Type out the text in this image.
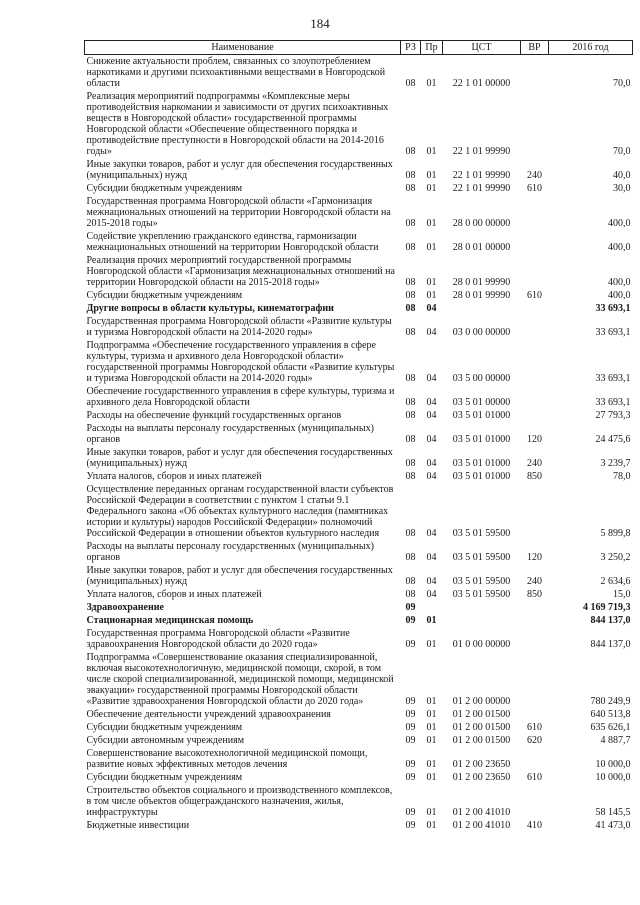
184
Наименование	РЗ	Пр	ЦСТ	ВР	2016 год
Снижение актуальности проблем, связанных со злоупотреблением наркотиками и другими психоактивными веществами в Новгородской области	08	01	22 1 01 00000		70,0
Реализация мероприятий подпрограммы «Комплексные меры противодействия наркомании и зависимости от других психоактивных веществ в Новгородской области» государственной программы Новгородской области «Обеспечение общественного порядка и противодействие преступности в Новгородской области на 2014-2016 годы»	08	01	22 1 01 99990		70,0
Иные закупки товаров, работ и услуг для обеспечения государственных (муниципальных) нужд	08	01	22 1 01 99990	240	40,0
Субсидии бюджетным учреждениям	08	01	22 1 01 99990	610	30,0
Государственная программа Новгородской области «Гармонизация межнациональных отношений на территории Новгородской области на 2015-2018 годы»	08	01	28 0 00 00000		400,0
Содействие укреплению гражданского единства, гармонизации межнациональных отношений на территории Новгородской области	08	01	28 0 01 00000		400,0
Реализация прочих мероприятий государственной программы Новгородской области «Гармонизация межнациональных отношений на территории Новгородской области на 2015-2018 годы»	08	01	28 0 01 99990		400,0
Субсидии бюджетным учреждениям	08	01	28 0 01 99990	610	400,0
Другие вопросы в области культуры, кинематографии	08	04			33 693,1
Государственная программа Новгородской области «Развитие культуры и туризма Новгородской области на 2014-2020 годы»	08	04	03 0 00 00000		33 693,1
Подпрограмма «Обеспечение государственного управления в сфере культуры, туризма и архивного дела Новгородской области» государственной программы Новгородской области «Развитие культуры и туризма Новгородской области на 2014-2020 годы»	08	04	03 5 00 00000		33 693,1
Обеспечение государственного управления в сфере культуры, туризма и архивного дела Новгородской области	08	04	03 5 01 00000		33 693,1
Расходы на обеспечение функций государственных органов	08	04	03 5 01 01000		27 793,3
Расходы на выплаты персоналу государственных (муниципальных) органов	08	04	03 5 01 01000	120	24 475,6
Иные закупки товаров, работ и услуг для обеспечения государственных (муниципальных) нужд	08	04	03 5 01 01000	240	3 239,7
Уплата налогов, сборов и иных платежей	08	04	03 5 01 01000	850	78,0
Осуществление переданных органам государственной власти субъектов Российской Федерации в соответствии с пунктом 1 статьи 9.1 Федерального закона «Об объектах культурного наследия (памятниках истории и культуры) народов Российской Федерации» полномочий Российской Федерации в отношении объектов культурного наследия	08	04	03 5 01 59500		5 899,8
Расходы на выплаты персоналу государственных (муниципальных) органов	08	04	03 5 01 59500	120	3 250,2
Иные закупки товаров, работ и услуг для обеспечения государственных (муниципальных) нужд	08	04	03 5 01 59500	240	2 634,6
Уплата налогов, сборов и иных платежей	08	04	03 5 01 59500	850	15,0
Здравоохранение	09				4 169 719,3
Стационарная медицинская помощь	09	01			844 137,0
Государственная программа Новгородской области «Развитие здравоохранения Новгородской области до 2020 года»	09	01	01 0 00 00000		844 137,0
Подпрограмма «Совершенствование оказания специализированной, включая высокотехнологичную, медицинской помощи, скорой, в том числе скорой специализированной, медицинской помощи, медицинской эвакуации» государственной программы Новгородской области «Развитие здравоохранения Новгородской области до 2020 года»	09	01	01 2 00 00000		780 249,9
Обеспечение деятельности учреждений здравоохранения	09	01	01 2 00 01500		640 513,8
Субсидии бюджетным учреждениям	09	01	01 2 00 01500	610	635 626,1
Субсидии автономным учреждениям	09	01	01 2 00 01500	620	4 887,7
Совершенствование высокотехнологичной медицинской помощи, развитие новых эффективных методов лечения	09	01	01 2 00 23650		10 000,0
Субсидии бюджетным учреждениям	09	01	01 2 00 23650	610	10 000,0
Строительство объектов социального и производственного комплексов, в том числе объектов общегражданского назначения, жилья, инфраструктуры	09	01	01 2 00 41010		58 145,5
Бюджетные инвестиции	09	01	01 2 00 41010	410	41 473,0
